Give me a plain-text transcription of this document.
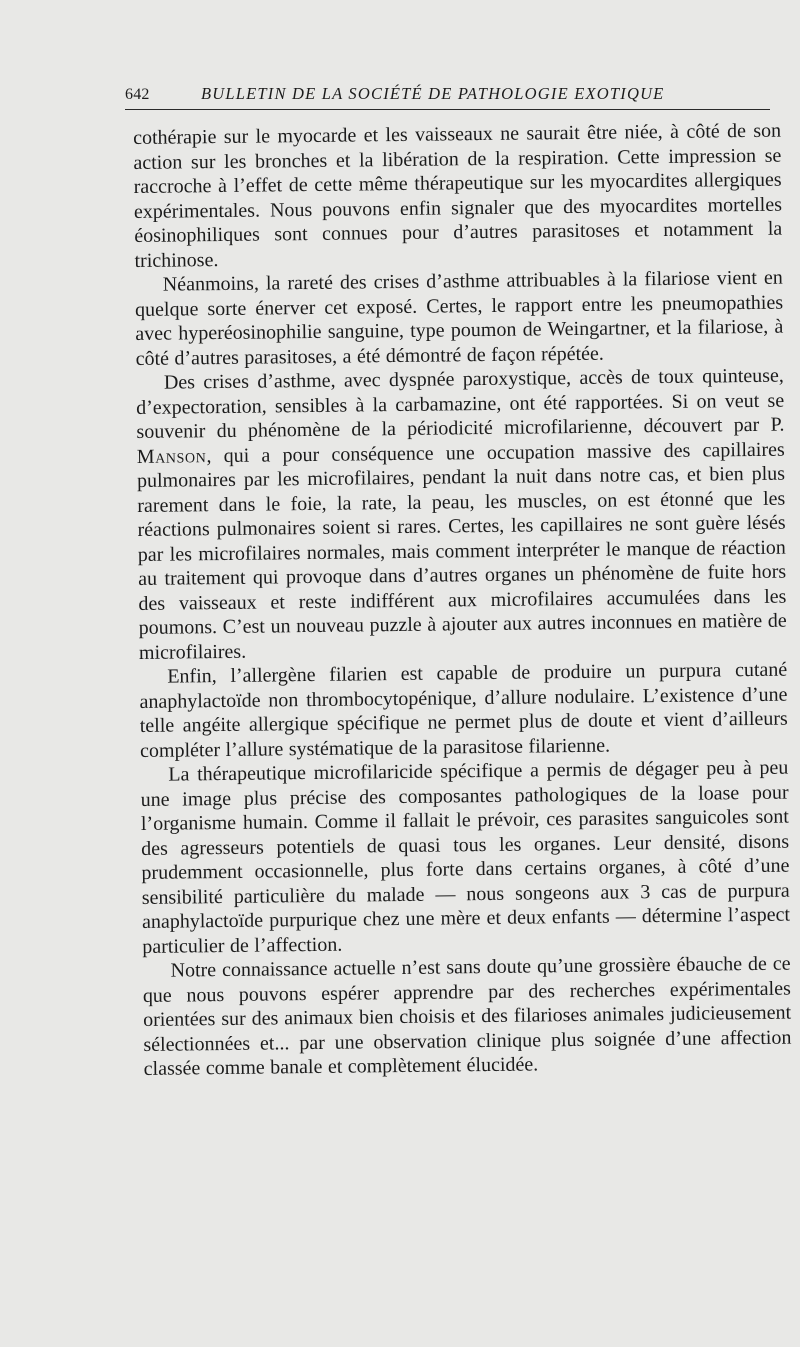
642	BULLETIN DE LA SOCIÉTÉ DE PATHOLOGIE EXOTIQUE

cothérapie sur le myocarde et les vaisseaux ne saurait être niée, à côté de son action sur les bronches et la libération de la respiration. Cette impression se raccroche à l’effet de cette même thérapeutique sur les myocardites allergiques expérimentales. Nous pouvons enfin signaler que des myocardites mortelles éosinophiliques sont connues pour d’autres parasitoses et notamment la trichinose.

Néanmoins, la rareté des crises d’asthme attribuables à la filariose vient en quelque sorte énerver cet exposé. Certes, le rapport entre les pneumopathies avec hyperéosinophilie sanguine, type poumon de Weingartner, et la filariose, à côté d’autres parasitoses, a été démontré de façon répétée.

Des crises d’asthme, avec dyspnée paroxystique, accès de toux quinteuse, d’expectoration, sensibles à la carbamazine, ont été rapportées. Si on veut se souvenir du phénomène de la périodicité microfilarienne, découvert par P. Manson, qui a pour conséquence une occupation massive des capillaires pulmonaires par les microfilaires, pendant la nuit dans notre cas, et bien plus rarement dans le foie, la rate, la peau, les muscles, on est étonné que les réactions pulmonaires soient si rares. Certes, les capillaires ne sont guère lésés par les microfilaires normales, mais comment interpréter le manque de réaction au traitement qui provoque dans d’autres organes un phénomène de fuite hors des vaisseaux et reste indifférent aux microfilaires accumulées dans les poumons. C’est un nouveau puzzle à ajouter aux autres inconnues en matière de microfilaires.

Enfin, l’allergène filarien est capable de produire un purpura cutané anaphylactoïde non thrombocytopénique, d’allure nodulaire. L’existence d’une telle angéite allergique spécifique ne permet plus de doute et vient d’ailleurs compléter l’allure systématique de la parasitose filarienne.

La thérapeutique microfilaricide spécifique a permis de dégager peu à peu une image plus précise des composantes pathologiques de la loase pour l’organisme humain. Comme il fallait le prévoir, ces parasites sanguicoles sont des agresseurs potentiels de quasi tous les organes. Leur densité, disons prudemment occasionnelle, plus forte dans certains organes, à côté d’une sensibilité particulière du malade — nous songeons aux 3 cas de purpura anaphylactoïde purpurique chez une mère et deux enfants — détermine l’aspect particulier de l’affection.

Notre connaissance actuelle n’est sans doute qu’une grossière ébauche de ce que nous pouvons espérer apprendre par des recherches expérimentales orientées sur des animaux bien choisis et des filarioses animales judicieusement sélectionnées et... par une observation clinique plus soignée d’une affection classée comme banale et complètement élucidée.
